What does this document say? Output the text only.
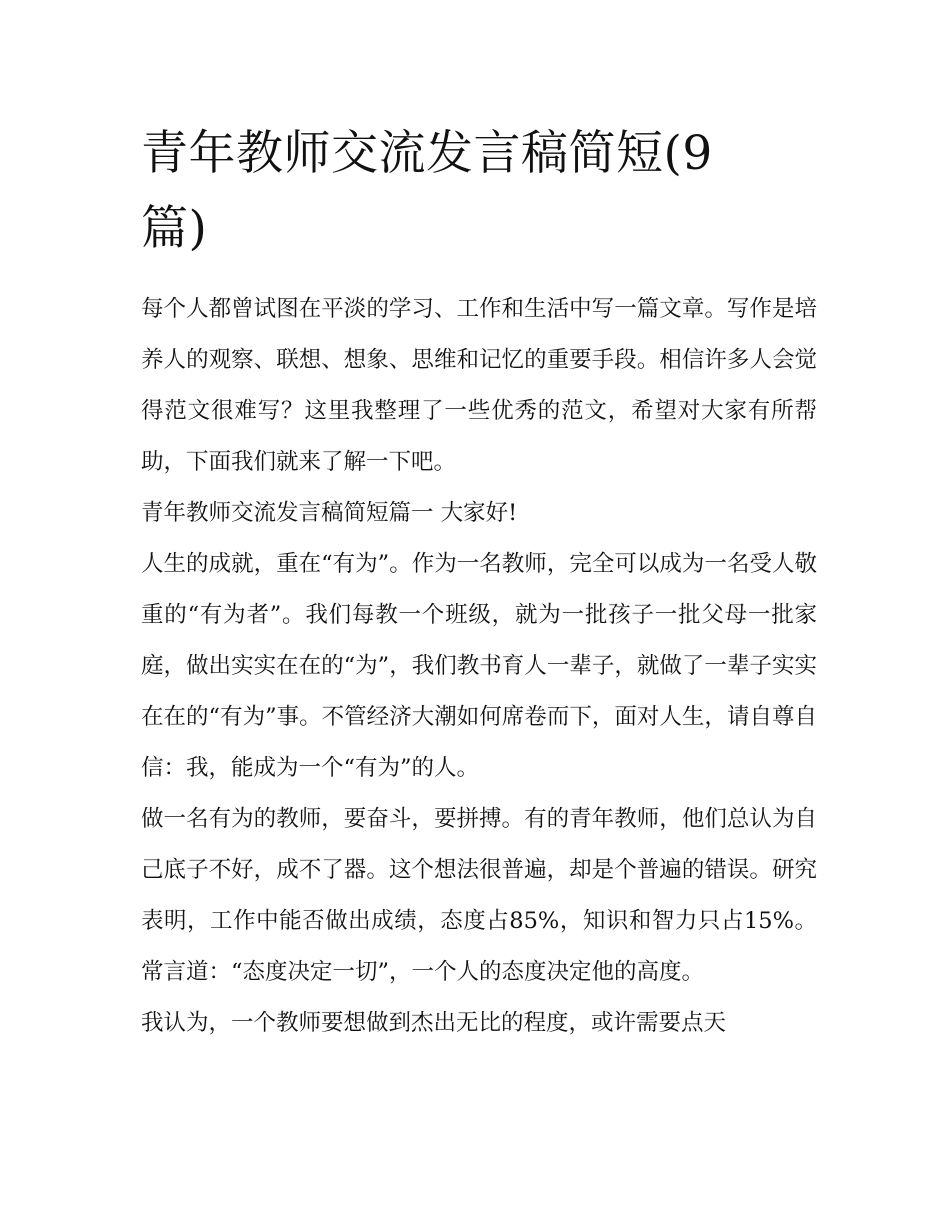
青年教师交流发言稿简短(9篇)

每个人都曾试图在平淡的学习、工作和生活中写一篇文章。写作是培养人的观察、联想、想象、思维和记忆的重要手段。相信许多人会觉得范文很难写？这里我整理了一些优秀的范文，希望对大家有所帮助，下面我们就来了解一下吧。

青年教师交流发言稿简短篇一 大家好!

人生的成就，重在“有为”。作为一名教师，完全可以成为一名受人敬重的“有为者”。我们每教一个班级，就为一批孩子一批父母一批家庭，做出实实在在的“为”，我们教书育人一辈子，就做了一辈子实实在在的“有为”事。不管经济大潮如何席卷而下，面对人生，请自尊自信：我，能成为一个“有为”的人。

做一名有为的教师，要奋斗，要拼搏。有的青年教师，他们总认为自己底子不好，成不了器。这个想法很普遍，却是个普遍的错误。研究表明，工作中能否做出成绩，态度占85%，知识和智力只占15%。常言道：“态度决定一切”，一个人的态度决定他的高度。

我认为，一个教师要想做到杰出无比的程度，或许需要点天
